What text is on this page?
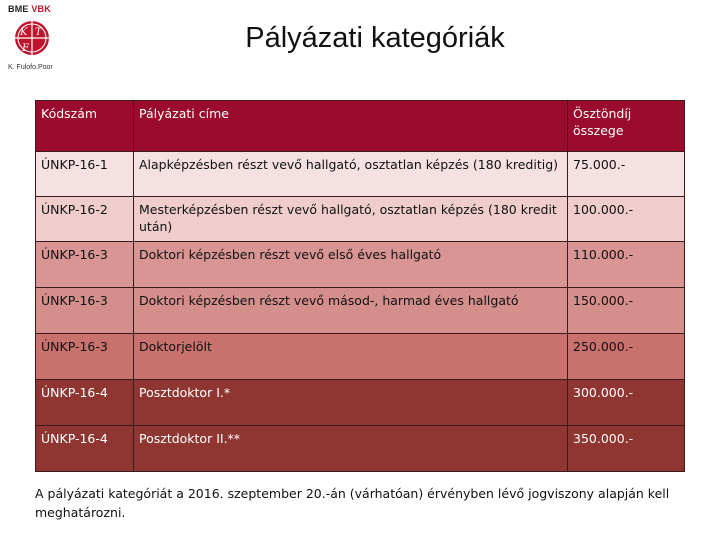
BME VBK
K T
F
K. Fulofo.Poor
Pályázati kategóriák
Kódszám	Pályázati címe	Ösztöndíj összege
ÚNKP-16-1	Alapképzésben részt vevő hallgató, osztatlan képzés (180 kreditig)	75.000.-
ÚNKP-16-2	Mesterképzésben részt vevő hallgató, osztatlan képzés (180 kredit után)	100.000.-
ÚNKP-16-3	Doktori képzésben részt vevő első éves hallgató	110.000.-
ÚNKP-16-3	Doktori képzésben részt vevő másod-, harmad éves hallgató	150.000.-
ÚNKP-16-3	Doktorjelölt	250.000.-
ÚNKP-16-4	Posztdoktor I.*	300.000.-
ÚNKP-16-4	Posztdoktor II.**	350.000.-
A pályázati kategóriát a 2016. szeptember 20.-án (várhatóan) érvényben lévő jogviszony alapján kell meghatározni.
